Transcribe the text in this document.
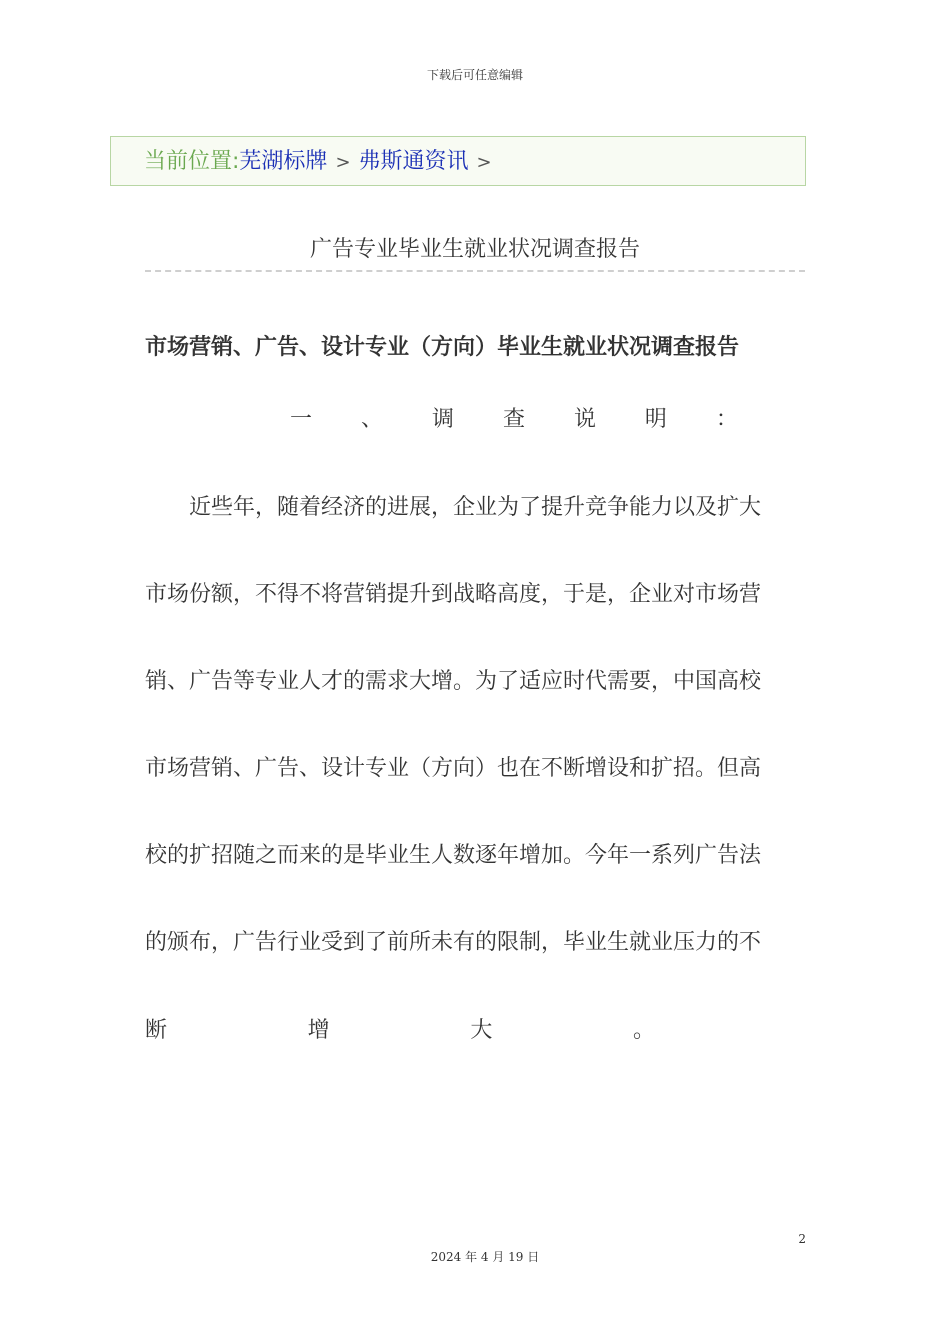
下载后可任意编辑
当前位置:芜湖标牌 > 弗斯通资讯 >
广告专业毕业生就业状况调查报告
市场营销、广告、设计专业（方向）毕业生就业状况调查报告
一 、 调 查 说 明 ：
近些年，随着经济的进展，企业为了提升竞争能力以及扩大
市场份额，不得不将营销提升到战略高度，于是，企业对市场营
销、广告等专业人才的需求大增。为了适应时代需要，中国高校
市场营销、广告、设计专业（方向）也在不断增设和扩招。但高
校的扩招随之而来的是毕业生人数逐年增加。今年一系列广告法
的颁布，广告行业受到了前所未有的限制，毕业生就业压力的不
断	增	大	。
2
2024 年 4 月 19 日
